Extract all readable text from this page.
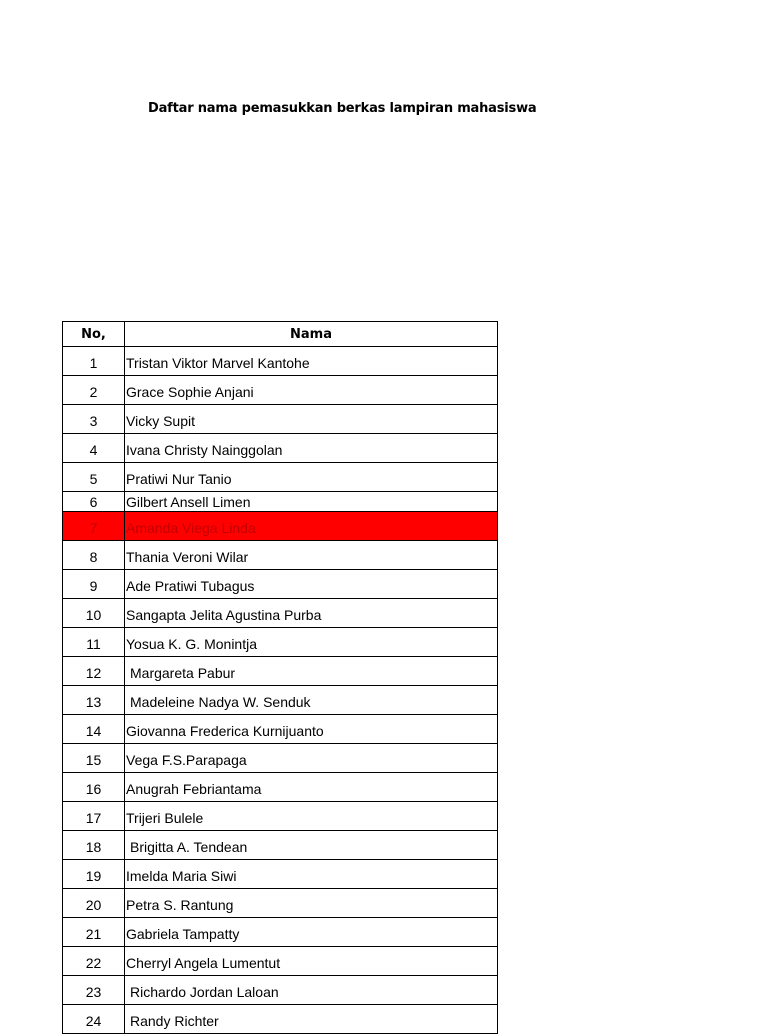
Daftar nama pemasukkan berkas lampiran mahasiswa
No,	Nama
1	Tristan Viktor Marvel Kantohe
2	Grace Sophie Anjani
3	Vicky Supit
4	Ivana Christy Nainggolan
5	Pratiwi Nur Tanio
6	Gilbert Ansell Limen
7	Amanda Viega Linda
8	Thania Veroni Wilar
9	Ade Pratiwi Tubagus
10	Sangapta Jelita Agustina Purba
11	Yosua K. G. Monintja
12	Margareta Pabur
13	Madeleine Nadya W. Senduk
14	Giovanna Frederica Kurnijuanto
15	Vega F.S.Parapaga
16	Anugrah Febriantama
17	Trijeri Bulele
18	Brigitta A. Tendean
19	Imelda Maria Siwi
20	Petra S. Rantung
21	Gabriela Tampatty
22	Cherryl Angela Lumentut
23	Richardo Jordan Laloan
24	Randy Richter
